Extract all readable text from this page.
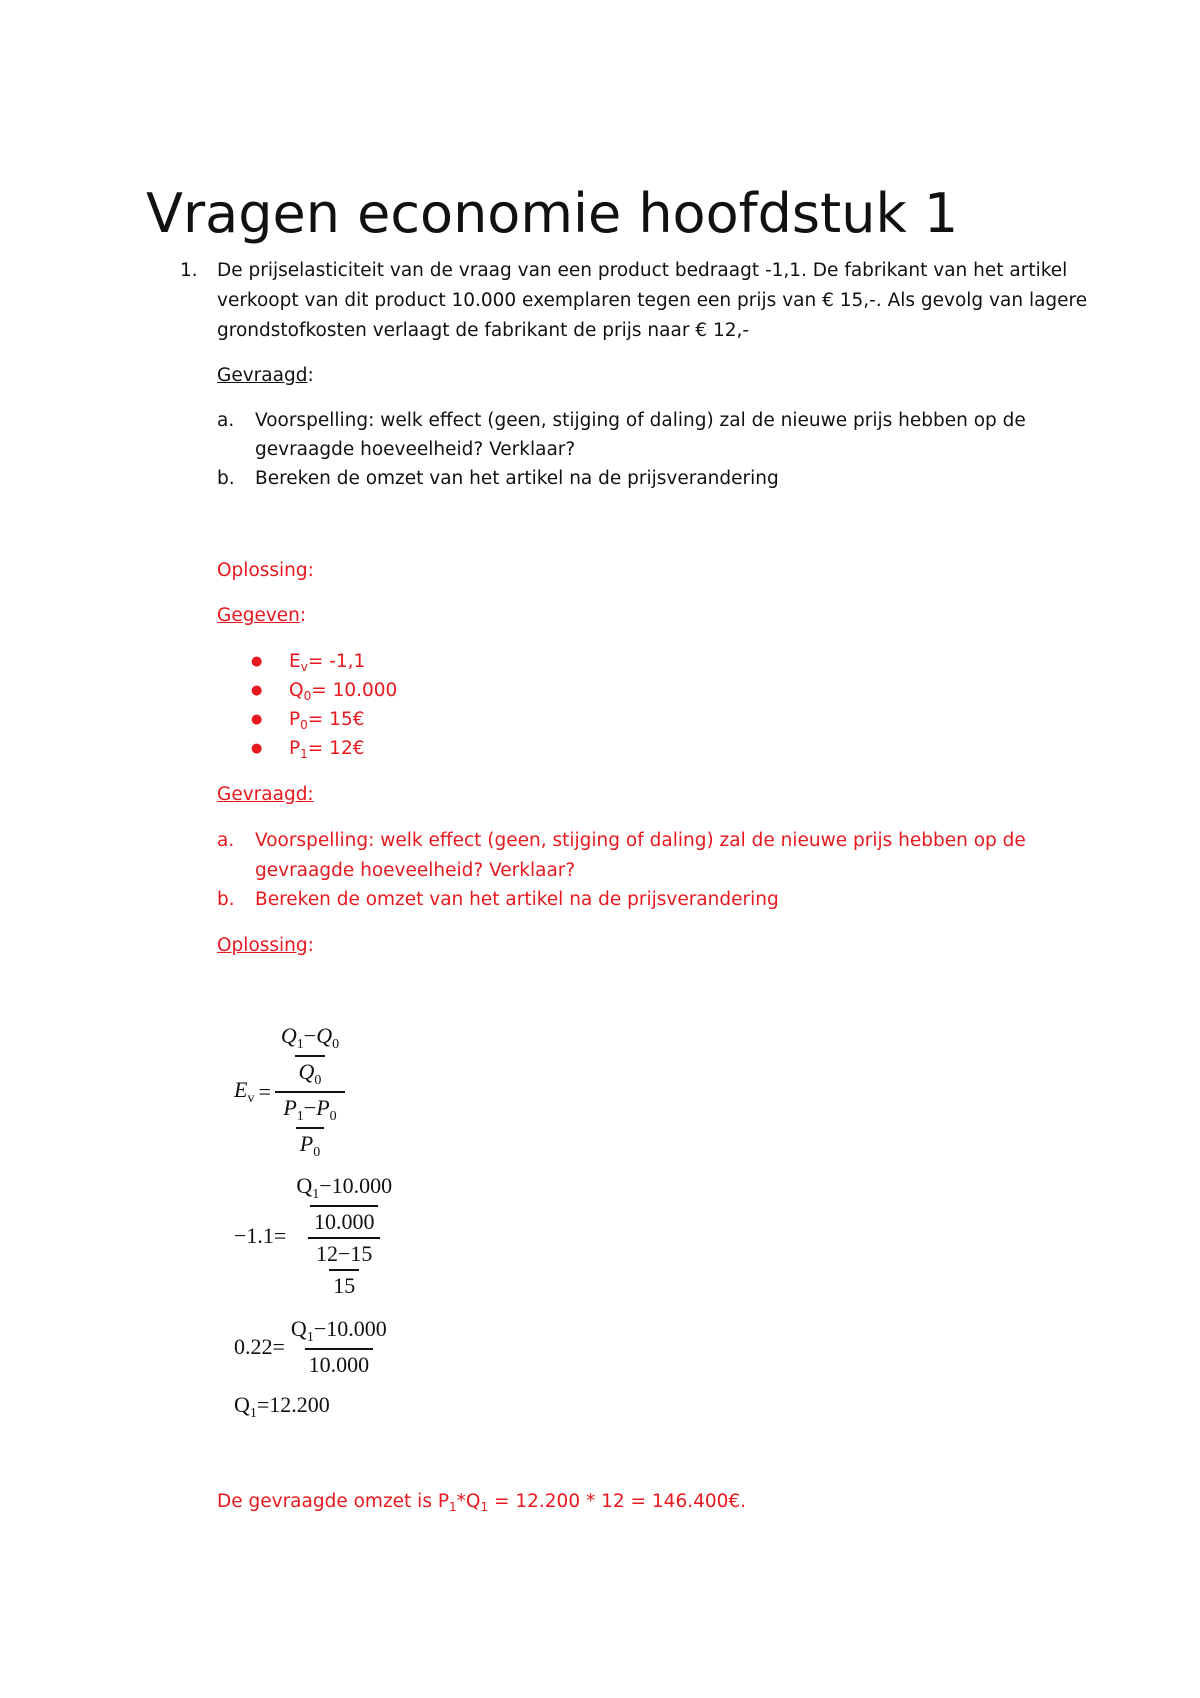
Vragen economie hoofdstuk 1
1. De prijselasticiteit van de vraag van een product bedraagt -1,1. De fabrikant van het artikel
verkoopt van dit product 10.000 exemplaren tegen een prijs van € 15,-. Als gevolg van lagere
grondstofkosten verlaagt de fabrikant de prijs naar € 12,-
Gevraagd:
a. Voorspelling: welk effect (geen, stijging of daling) zal de nieuwe prijs hebben op de
gevraagde hoeveelheid? Verklaar?
b. Bereken de omzet van het artikel na de prijsverandering
Oplossing:
Gegeven:
● $E_v= -1,1$
● $Q_0= 10.000$
● $P_0=$ 15€
● $P_1=$ 12€
Gevraagd:
a. Voorspelling: welk effect (geen, stijging of daling) zal de nieuwe prijs hebben op de
gevraagde hoeveelheid? Verklaar?
b. Bereken de omzet van het artikel na de prijsverandering
Oplossing:
$E_v = \frac{\frac{Q_1-Q_0}{Q_0}}{\frac{P_1-P_0}{P_0}}$
$-1.1= \frac{\frac{Q_1-10.000}{10.000}}{\frac{12-15}{15}}$
$0.22= \frac{Q_1-10.000}{10.000}$
$Q_1=12.200$
De gevraagde omzet is $P_1*Q_1 = 12.200 * 12$ = 146.400€.
